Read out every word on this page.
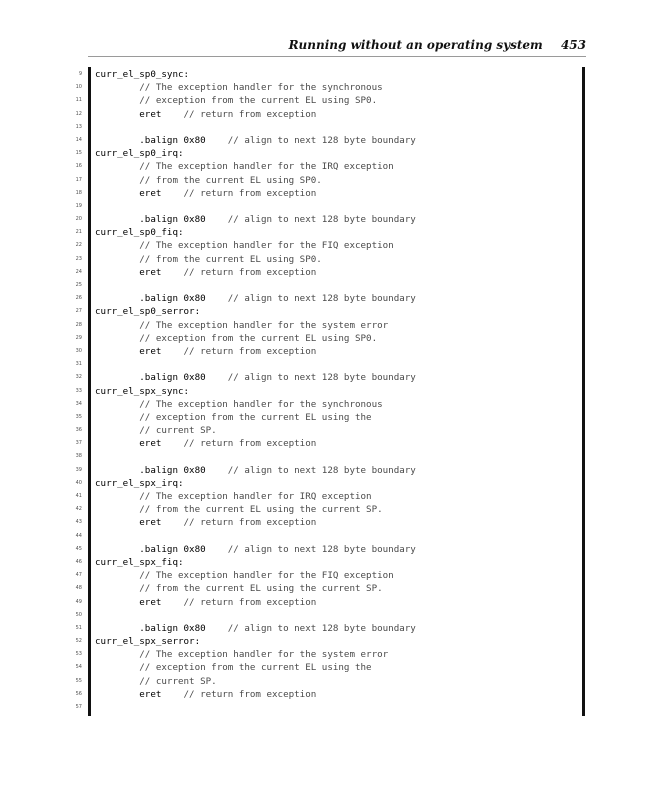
Running without an operating system 453
9 curr_el_sp0_sync:
10 // The exception handler for the synchronous
11 // exception from the current EL using SP0.
12 eret    // return from exception
13
14 .balign 0x80    // align to next 128 byte boundary
15 curr_el_sp0_irq:
16 // The exception handler for the IRQ exception
17 // from the current EL using SP0.
18 eret    // return from exception
19
20 .balign 0x80    // align to next 128 byte boundary
21 curr_el_sp0_fiq:
22 // The exception handler for the FIQ exception
23 // from the current EL using SP0.
24 eret    // return from exception
25
26 .balign 0x80    // align to next 128 byte boundary
27 curr_el_sp0_serror:
28 // The exception handler for the system error
29 // exception from the current EL using SP0.
30 eret    // return from exception
31
32 .balign 0x80    // align to next 128 byte boundary
33 curr_el_spx_sync:
34 // The exception handler for the synchronous
35 // exception from the current EL using the
36 // current SP.
37 eret    // return from exception
38
39 .balign 0x80    // align to next 128 byte boundary
40 curr_el_spx_irq:
41 // The exception handler for IRQ exception
42 // from the current EL using the current SP.
43 eret    // return from exception
44
45 .balign 0x80    // align to next 128 byte boundary
46 curr_el_spx_fiq:
47 // The exception handler for the FIQ exception
48 // from the current EL using the current SP.
49 eret    // return from exception
50
51 .balign 0x80    // align to next 128 byte boundary
52 curr_el_spx_serror:
53 // The exception handler for the system error
54 // exception from the current EL using the
55 // current SP.
56 eret    // return from exception
57
